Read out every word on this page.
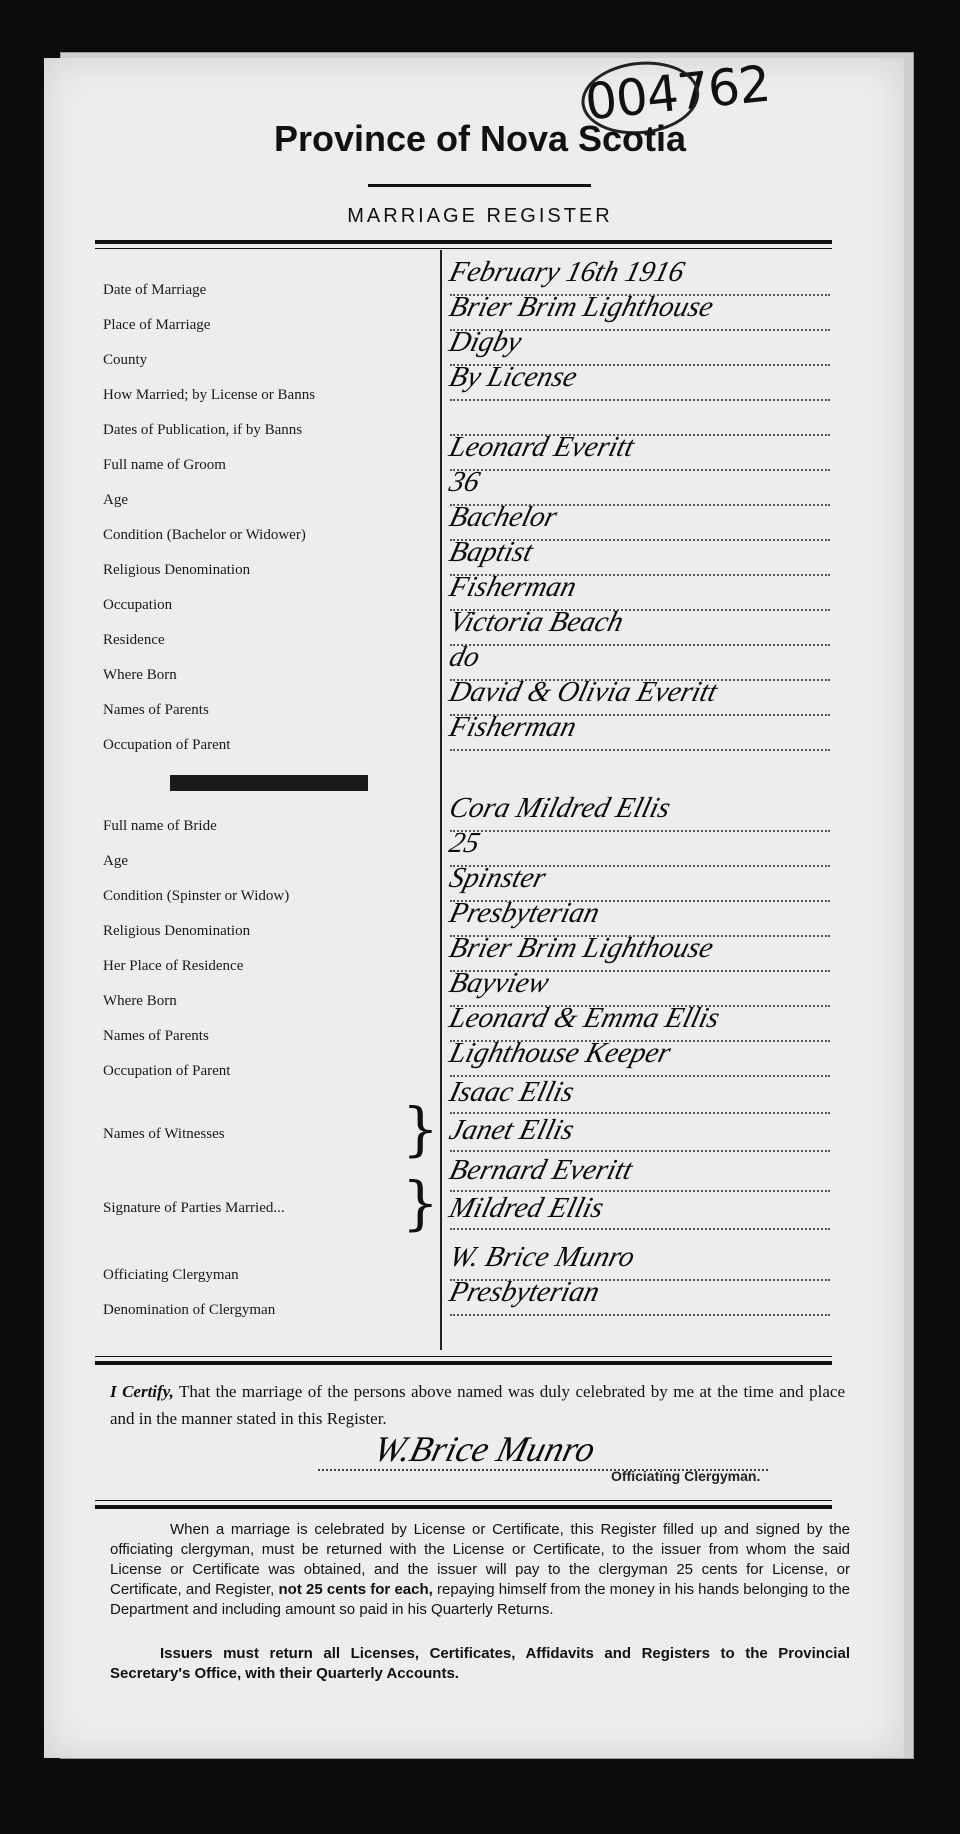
004762
Province of Nova Scotia
MARRIAGE REGISTER
Date of Marriage
February 16th 1916
Place of Marriage
Brier Brim Lighthouse
County
Digby
How Married; by License or Banns
By License
Dates of Publication, if by Banns
Full name of Groom
Leonard Everitt
Age
36
Condition (Bachelor or Widower)
Bachelor
Religious Denomination
Baptist
Occupation
Fisherman
Residence
Victoria Beach
Where Born
do
Names of Parents
David & Olivia Everitt
Occupation of Parent
Fisherman
Full name of Bride
Cora Mildred Ellis
Age
25
Condition (Spinster or Widow)
Spinster
Religious Denomination
Presbyterian
Her Place of Residence
Brier Brim Lighthouse
Where Born
Bayview
Names of Parents
Leonard & Emma Ellis
Occupation of Parent
Lighthouse Keeper
Names of Witnesses	}
Isaac Ellis
Janet Ellis
Signature of Parties Married...	} Bernard Everitt
Mildred Ellis
Officiating Clergyman
W. Brice Munro
Denomination of Clergyman
Presbyterian
I Certify, That the marriage of the persons above named was duly celebrated by me at the time and place and in the manner stated in this Register.
W.Brice Munro
Officiating Clergyman.
When a marriage is celebrated by License or Certificate, this Register filled up and signed by the officiating clergyman, must be returned with the License or Certificate, to the issuer from whom the said License or Certificate was obtained, and the issuer will pay to the clergyman 25 cents for License, or Certificate, and Register, not 25 cents for each, repaying himself from the money in his hands belonging to the Department and including amount so paid in his Quarterly Returns.
Issuers must return all Licenses, Certificates, Affidavits and Registers to the Provincial Secretary's Office, with their Quarterly Accounts.
